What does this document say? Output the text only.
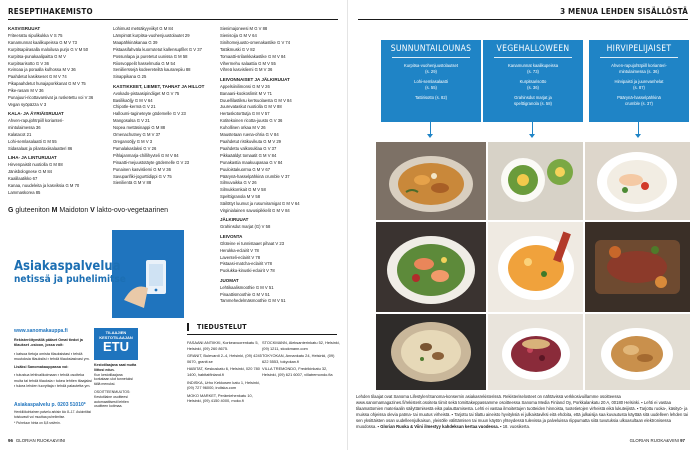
RESEPTIHAKEMISTO
KASVISRUUAT
Friteerattu sipulikukka V S 75
Kanamunnat kaalikupeissa G M V 73
Kurpitsapiirasalla maloilusa purjo G V M 50
Kurpitsa-punakaalipaitta G M V
Kurpitsarisotto G V 36
Kvinoaa ja poraalla kulhossa M V 36
Paahdetut kasikseset G M V 74
Pikapaahdetut hunajaporkkanat G M V 75
Pike-rasam M V 36
Punajuuri-ricottavarsivat ja rusketettu voi V 36
Vegan syöpäzza V 3
KALA- JA ÄYRIÄISRUUAT
Ahven-rapujohtrpiill korianteri-
mintulaimessa 36
Kalatacot 21
Lohi-semlasalaatti G M 55
Sidasalaat ja pilantaxiisalaatteri 86
LIHA- JA LINTURUUAT
Hirvenpaistit nuotiolla G M 88
Jänisbolognese G M 84
Kaalilaatikko 67
Kanaa, nuudeleita ja kasviksia G M 70
Lammaskorea 85
Lohimust metsäkyyviikyt G M 84
Lämpimät kurpitsa-vuohenjuustolautet 29
Maapähkinäkanaa G 39
Pistaasifahväla kuorrutetut kallensupfilet G V 37
Possunlapa ja puretetut uunissa G M 58
Riiosvoppelit hasselmutia G M 54
Seniilierssejä kodeereteiltä kaurarepiiu 88
Sinappikana G 25
KASTIKKEET, LIEMET, TAHNAT JA HILLOT
Avokado-pistaasipindiiget M G V 75
Basilikaöljy G M V 64
Chipotle-kermä G V 21
Halloumi-tagineteyte gödemelle G V 23
Mangosalsa G V 21
Nopea mettäsinappi G M 88
Omenachutney G M V 37
Oreganoöljy G M V 3
Pamalakaslaksi G V 26
Pihlajanmarja-chillihyvteli G M V 84
Pinaatti-mejuustotäyte gödemelle G V 23
Punainen kasvisliemi G M V 36
Savuparifiki-jogurttidippi G V 75
Sienilientä G M V 88
Sienimajoneesi M G V 88
Sienisoija G M V 64
Sinihomejuusto-omenakastike G V 74
Tattikmuski G V 82
Tomaatti-srilankkakastike G M V 84
Vihermehu salaattia G M V 55
Vihreä kasvisliemi G M V 36
LEIVONNAISET JA JÄLKIRUUAT
Appelsiinilimonsi G M V 26
Banaani-kookoslimit M V 71
Duuellilastiksu kertsuolaesta G M V 84
Juurevataskut nuotiolla G M V 88
Hertaskotorttutja G M V 57
Kotitekoinen ricotta-juusto G V 36
Kuhollinen orkaa M V 26
Maustetaan ruena-ohria G V 84
Paahdetut ristikuvikuta G M V 29
Paahdettu valkosuklaa G V 37
Pikkaääldyt tomaatit G M V 84
Punakastia maakuupasaa G V 84
Puuloistakuorma G M V 67
Päärynä-hasselpähkinä crumble V 37
Silmuvaikka G V 26
Silmukkomkait G M V 58
Spelttigranola M V 58
Säilöttyt luumut ja rusumiramigat G M V 64
Virginialainen savusipikkelit G M V 84
JÄLKIRUUAT
Grahinsdut marjat (G) V 58
LEIVONTA
Glüteine ei tunnistaaet pihaat V 23
Herukka-eclairit V 78
Laventeli-eclairit V 78
Pistaasi-matcha-eclairit V78
Puolukka-kinuski-eclairit V 78
JUOMAT
Lehtikaalismoothie G M V 51
Pinaattismoothie G M V 51
Tammehedelmäsmoothie G M V 51
G gluteeniton M Maidoton V lakto-ovo-vegetaarinen
Asiakaspalvelua
netissä ja puhelimitse
www.sanomakauppa.fi

Rekisteröitymällä pääset Omat tiedot ja tilaukset -osioon, jossa voit:

▪ katsoa tietoja omista tilauksistasi ▪ tehdä muutoksia tilauksiisi ▪ tehdä tilauksiasivasi ym.

Lisäksi Sanomakauppassa voi:

▪ tutustua lehtivalikoimaan ▪ tehdä osoiteka muita tai tehdä tilauksia ▪ tukea lehtien tilaajaksi ▪ tukea lehden tuoryttaja ▪ tehdä palautetta ym.

Asiakaspalvelu p. 0203 51010*
Henkilökohtainen palvelu arkisin klo 8–17. Asiointiäsi toistuvasti voi muuttaa puhelimitse.
* Puheluun hinta on 8,8 snt/min.
TILAAJIEN KESTOTILAAJAN
ETU
Kestotilaajana saat mutta liittosi edun.
Kun kestotilaajana korkataan ulot tunnetuksi tällä menuksi.
OSOITTEENMUUTOS: Kestotilaine osoitteesi automaattisesti lehtien osoitteen kotimaa.
TIEDUSTELUT

FASAANI ANTIIKKI, Korkeavuorenkatu 5, Helsinki, (09) 260 8675.

GRANIT, Bulevardi 2–4, Helsinki, (09) 4245 0670, granit.se

HABITAT, Keskuskatu 6, Helsinki, 020 780 1400, habitatfinland.fi

INDISKA, Urho Kekkosen katu 1, Helsinki, (09) 727 96000, indiska.com

MOKO MARKET, Perämiehenkatu 10, Helsinki, (09) 4150 4000, moko.fi

STOCKMANN, Aleksanterinkatu 52, Helsinki, (09) 1211, stockmann.com

TOKYOKAN, Annankatu 24, Helsinki, (09) 622 5553, tokyokan.fi

VILLA TREMONDO, Fredrikinkatu 32, Helsinki, (09) 621 6007, villatremondo.fia

96 GLORIAN RUOKA&VIINI
3 MENUA LEHDEN SISÄLLÖSTÄ
SUNNUNTAILOUNAS
Kurpitsa-vuohenjuustolautset
(s. 29)
Lohi-semlasalaatti
(s. 55)
Tattirisotto (s. 82)
VEGEHALLOWEEN
Kanamunnat kaalikupeissa
(s. 73)
Kurpitsarisotto
(s. 36)
Grahinsdut marjat ja
spelttigranola (s. 58)
HIRVIPELIJAISET
Ahven-rapujohtrpiill korianteri-
mintulaimessa (s. 36)
Hirvipaisti ja juurevanhelat
(s. 87)
Päärynä-hasselpähkinä
crumble (s. 37)
Lehden tilaajat ovat Sanoma Lifestylen/Sanoma-konsernin asiakasrekisterissä. Rekisteriselosteet on nähtävissä verkkosivuillamme osoitteessa www.sanomamagazines.fi/rekisterit.osoiteta tiimit sekä tomittakeppassamme osoitteessa Sanoma Media Finland Oy, Porkkalankatu 20 A, 00180 Helsinki. ▪ Lehti ei vastaa tilaamattomien materiaalin säilyttämisestä eikä palauttamisesta. Lehti ei vastaa ilmoitettujen tuotteiden hinnoista, tuotetietojen virheistä eikä lukuteijistä. ▪ Tarjottu ruoka-, käsityö- ja muissa ohjeissa olevia patma- tai muutus virheistä. ▪ Tarjottu tai tilattu aineisto hyvityksiä ei julkaistaviksi eitä ehdoita, että julkaisija saa kuvautusta käyttää sitä uudelleen lehden tai sen yksittäisten osan uudelleenjulkaisun, yleisölle välittämisen tai muun käytön yhteydessä tulevissa ja palveluissa riippumatta siitä tuvutuksia ulkoasultaan elektronisessa muodossa. ▪ Glorian Ruoka & Viini ilmestyy kahdeksan kertaa vuodessa. ▪ 18. vuosikerta.
GLORIAN RUOKA&VIINI 97
